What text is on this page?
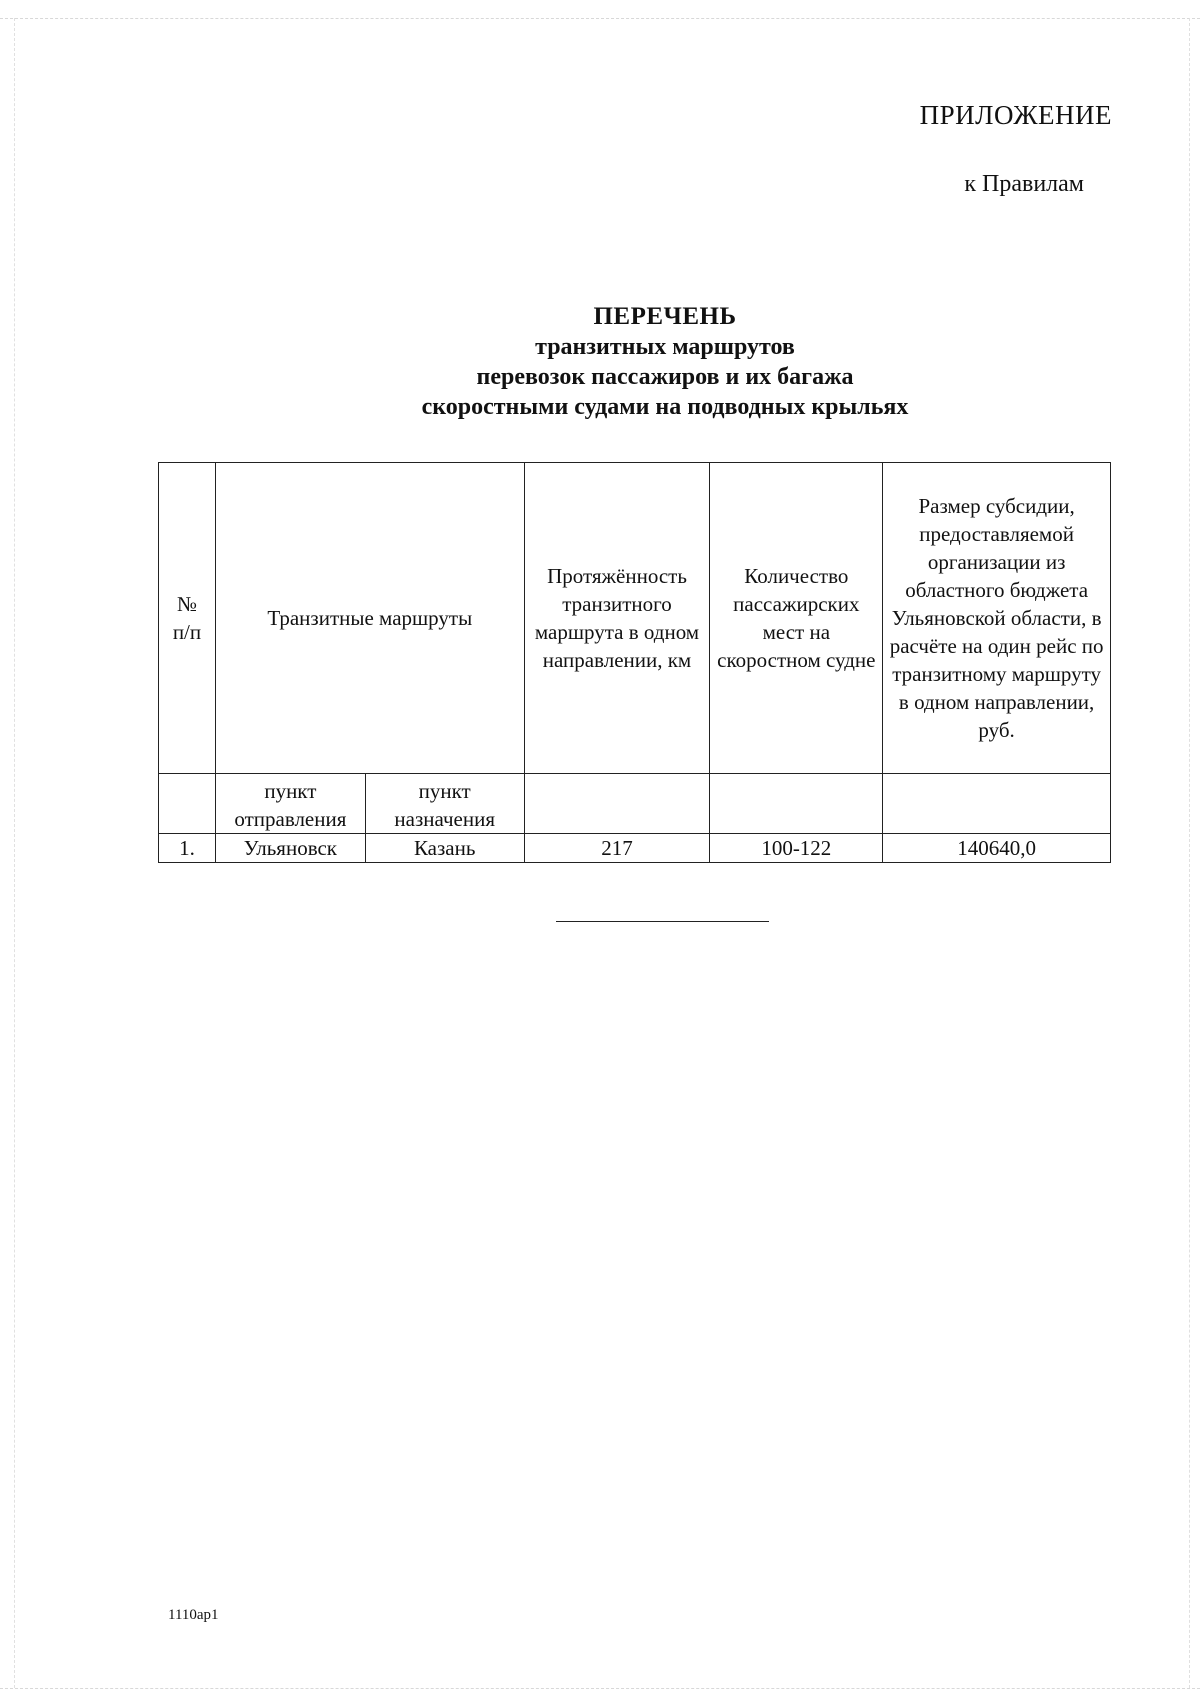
ПРИЛОЖЕНИЕ
к Правилам
ПЕРЕЧЕНЬ
транзитных маршрутов
перевозок пассажиров и их багажа
скоростными судами на подводных крыльях
№ п/п	Транзитные маршруты		Протяжённость транзитного маршрута в одном направлении, км	Количество пассажирских мест на скоростном судне	Размер субсидии, предоставляемой организации из областного бюджета Ульяновской области, в расчёте на один рейс по транзитному маршруту в одном направлении, руб.
	пункт отправления	пункт назначения			
1.	Ульяновск	Казань	217	100-122	140640,0
1110ap1
